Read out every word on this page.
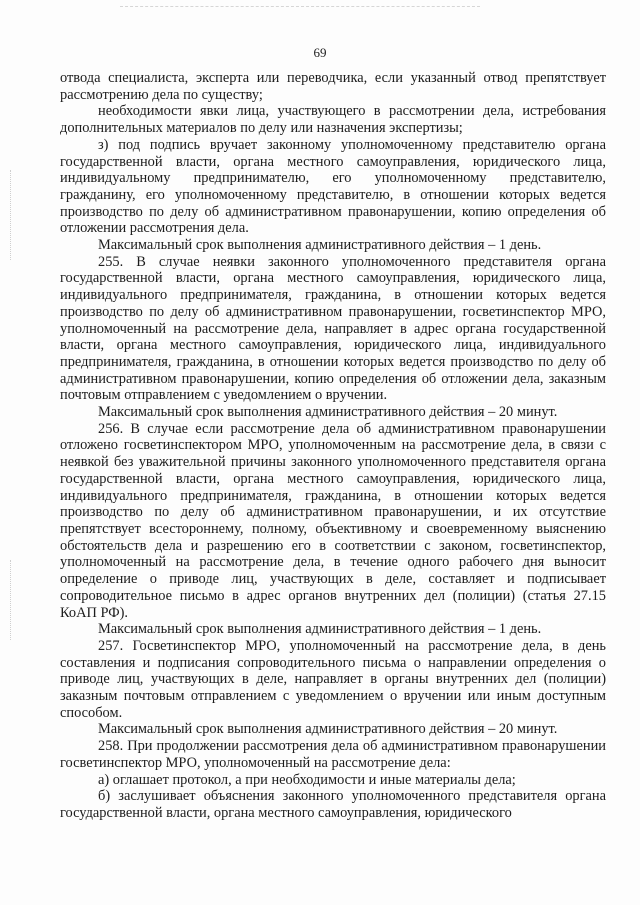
69

отвода специалиста, эксперта или переводчика, если указанный отвод препятствует рассмотрению дела по существу;

необходимости явки лица, участвующего в рассмотрении дела, истребования дополнительных материалов по делу или назначения экспертизы;

з) под подпись вручает законному уполномоченному представителю органа государственной власти, органа местного самоуправления, юридического лица, индивидуальному предпринимателю, его уполномоченному представителю, гражданину, его уполномоченному представителю, в отношении которых ведется производство по делу об административном правонарушении, копию определения об отложении рассмотрения дела.

Максимальный срок выполнения административного действия – 1 день.

255. В случае неявки законного уполномоченного представителя органа государственной власти, органа местного самоуправления, юридического лица, индивидуального предпринимателя, гражданина, в отношении которых ведется производство по делу об административном правонарушении, госветинспектор МРО, уполномоченный на рассмотрение дела, направляет в адрес органа государственной власти, органа местного самоуправления, юридического лица, индивидуального предпринимателя, гражданина, в отношении которых ведется производство по делу об административном правонарушении, копию определения об отложении дела, заказным почтовым отправлением с уведомлением о вручении.

Максимальный срок выполнения административного действия – 20 минут.

256. В случае если рассмотрение дела об административном правонарушении отложено госветинспектором МРО, уполномоченным на рассмотрение дела, в связи с неявкой без уважительной причины законного уполномоченного представителя органа государственной власти, органа местного самоуправления, юридического лица, индивидуального предпринимателя, гражданина, в отношении которых ведется производство по делу об административном правонарушении, и их отсутствие препятствует всестороннему, полному, объективному и своевременному выяснению обстоятельств дела и разрешению его в соответствии с законом, госветинспектор, уполномоченный на рассмотрение дела, в течение одного рабочего дня выносит определение о приводе лиц, участвующих в деле, составляет и подписывает сопроводительное письмо в адрес органов внутренних дел (полиции) (статья 27.15 КоАП РФ).

Максимальный срок выполнения административного действия – 1 день.

257. Госветинспектор МРО, уполномоченный на рассмотрение дела, в день составления и подписания сопроводительного письма о направлении определения о приводе лиц, участвующих в деле, направляет в органы внутренних дел (полиции) заказным почтовым отправлением с уведомлением о вручении или иным доступным способом.

Максимальный срок выполнения административного действия – 20 минут.

258. При продолжении рассмотрения дела об административном правонарушении госветинспектор МРО, уполномоченный на рассмотрение дела:

а) оглашает протокол, а при необходимости и иные материалы дела;

б) заслушивает объяснения законного уполномоченного представителя органа государственной власти, органа местного самоуправления, юридического
